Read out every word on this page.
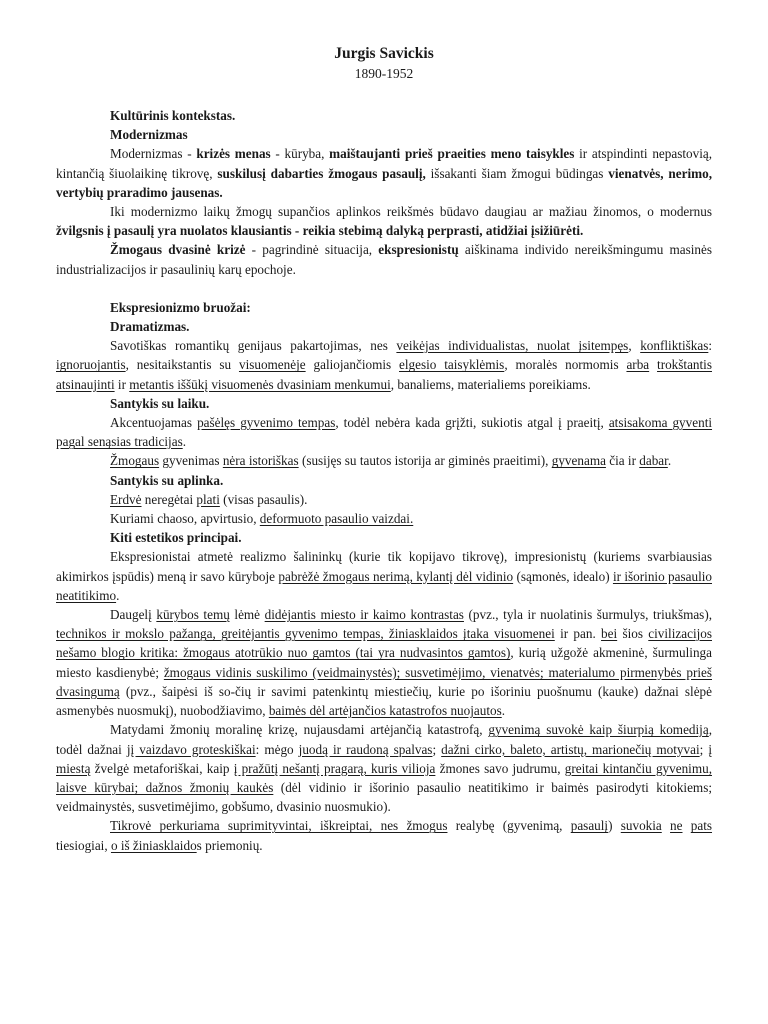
Jurgis Savickis
1890-1952
Kultūrinis kontekstas.
Modernizmas

Modernizmas - krizės menas - kūryba, maištaujanti prieš praeities meno taisykles ir atspindinti nepastovią, kintančią šiuolaikinę tikrovę, suskilusį dabarties žmogaus pasaulį, išsakanti šiam žmogui būdingas vienatvės, nerimo, vertybių praradimo jausenas.

Iki modernizmo laikų žmogų supančios aplinkos reikšmės būdavo daugiau ar mažiau žinomos, o modernus žvilgsnis į pasaulį yra nuolatos klausiantis - reikia stebimą dalyką perprasti, atidžiai įsižiūrėti.

Žmogaus dvasinė krizė - pagrindinė situacija, ekspresionistų aiškinama individo nereikšmingumu masinės industrializacijos ir pasaulinių karų epochoje.

Ekspresionizmo bruožai:
Dramatizmas.

Savotiškas romantikų genijaus pakartojimas, nes veikėjas individualistas, nuolat įsitempęs, konfliktiškas: ignoruojantis, nesitaikstantis su visuomenėje galiojančiomis elgesio taisyklėmis, moralės normomis arba trokštantis atsinaujinti ir metantis iššūkį visuomenės dvasiniam menkumui, banaliems, materialiems poreikiams.

Santykis su laiku.

Akcentuojamas pašėlęs gyvenimo tempas, todėl nebėra kada grįžti, sukiotis atgal į praeitį, atsisakoma gyventi pagal senąsias tradicijas.

Žmogaus gyvenimas nėra istoriškas (susijęs su tautos istorija ar giminės praeitimi), gyvenama čia ir dabar.

Santykis su aplinka.

Erdvė neregėtai plati (visas pasaulis).

Kuriami chaoso, apvirtusio, deformuoto pasaulio vaizdai.

Kiti estetikos principai.

Ekspresionistai atmetė realizmo šalininkų (kurie tik kopijavo tikrovę), impresionistų (kuriems svarbiausias akimirkos įspūdis) meną ir savo kūryboje pabrėžė žmogaus nerimą, kylantį dėl vidinio (sąmonės, idealo) ir išorinio pasaulio neatitikimo.

Daugelį kūrybos temų lėmė didėjantis miesto ir kaimo kontrastas (pvz., tyla ir nuolatinis šurmulys, triukšmas), technikos ir mokslo pažanga, greitėjantis gyvenimo tempas, žiniasklaidos įtaka visuomenei ir pan. bei šios civilizacijos nešamo blogio kritika: žmogaus atotrūkio nuo gamtos (tai yra nudvasintos gamtos), kurią užgožė akmeninė, šurmulinga miesto kasdienybė; žmogaus vidinis suskilimo (veidmainystės); susvetimėjimo, vienatvės; materialumo pirmenybės prieš dvasingumą (pvz., šaipėsi iš so-čių ir savimi patenkintų miestiečių, kurie po išoriniu puošnumu (kauke) dažnai slėpė asmenybės nuosmukį), nuobodžiavimo, baimės dėl artėjančios katastrofos nuojautos.

Matydami žmonių moralinę krizę, nujausdami artėjančią katastrofą, gyvenimą suvokė kaip šiurpią komediją, todėl dažnai jį vaizdavo groteskiškai: mėgo juodą ir raudoną spalvas; dažni cirko, baleto, artistų, marionečių motyvai; į miestą žvelgė metaforiškai, kaip į pražūtį nešantį pragarą, kuris vilioja žmones savo judrumu, greitai kintančiu gyvenimu, laisve kūrybai; dažnos žmonių kaukės (dėl vidinio ir išorinio pasaulio neatitikimo ir baimės pasirodyti kitokiems; veidmainystės, susvetimėjimo, gobšumo, dvasinio nuosmukio).

Tikrovė perkuriama suprimityvintai, iškreiptai, nes žmogus realybę (gyvenimą, pasaulį) suvokia ne pats tiesiogiai, o iš žiniasklaidos priemonių.
